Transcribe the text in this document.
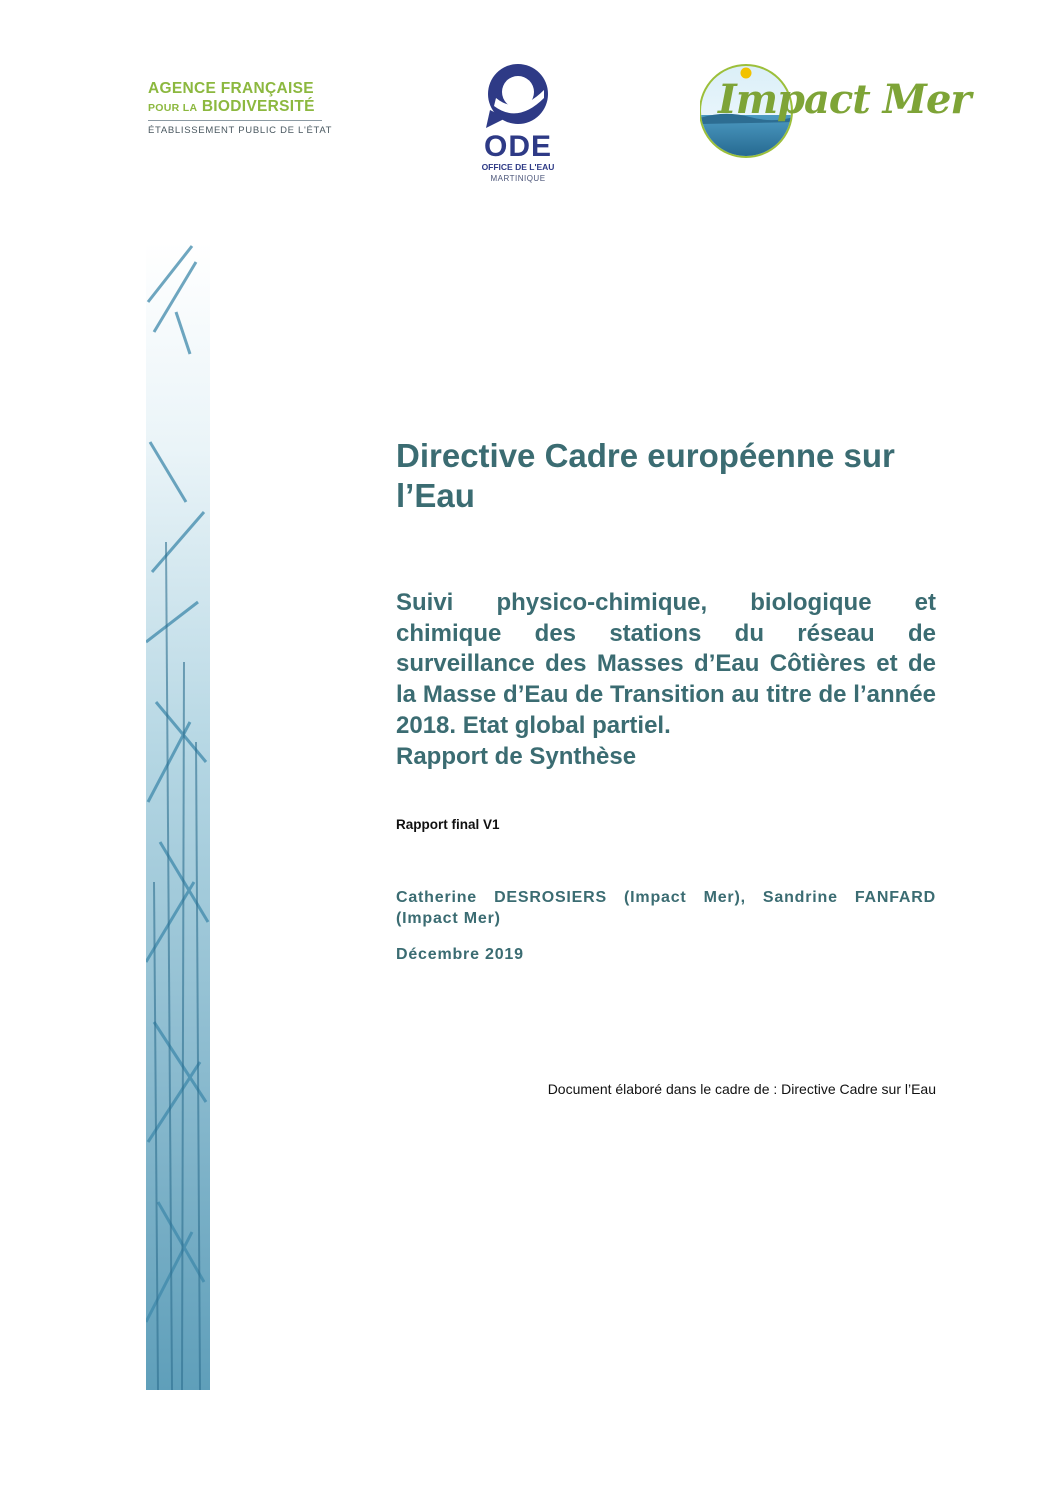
AGENCE FRANÇAISE
POUR LA BIODIVERSITÉ
ÉTABLISSEMENT PUBLIC DE L'ÉTAT	ODE
OFFICE DE L'EAU
MARTINIQUE
Impact Mer
Directive Cadre européenne sur l’Eau
Suivi physico-chimique, biologique et chimique des stations du réseau de surveillance des Masses d’Eau Côtières et de la Masse d’Eau de Transition au titre de l’année 2018. Etat global partiel.
Rapport de Synthèse
Rapport final V1
Catherine DESROSIERS (Impact Mer), Sandrine FANFARD (Impact Mer)
Décembre 2019
Document élaboré dans le cadre de : Directive Cadre sur l’Eau
